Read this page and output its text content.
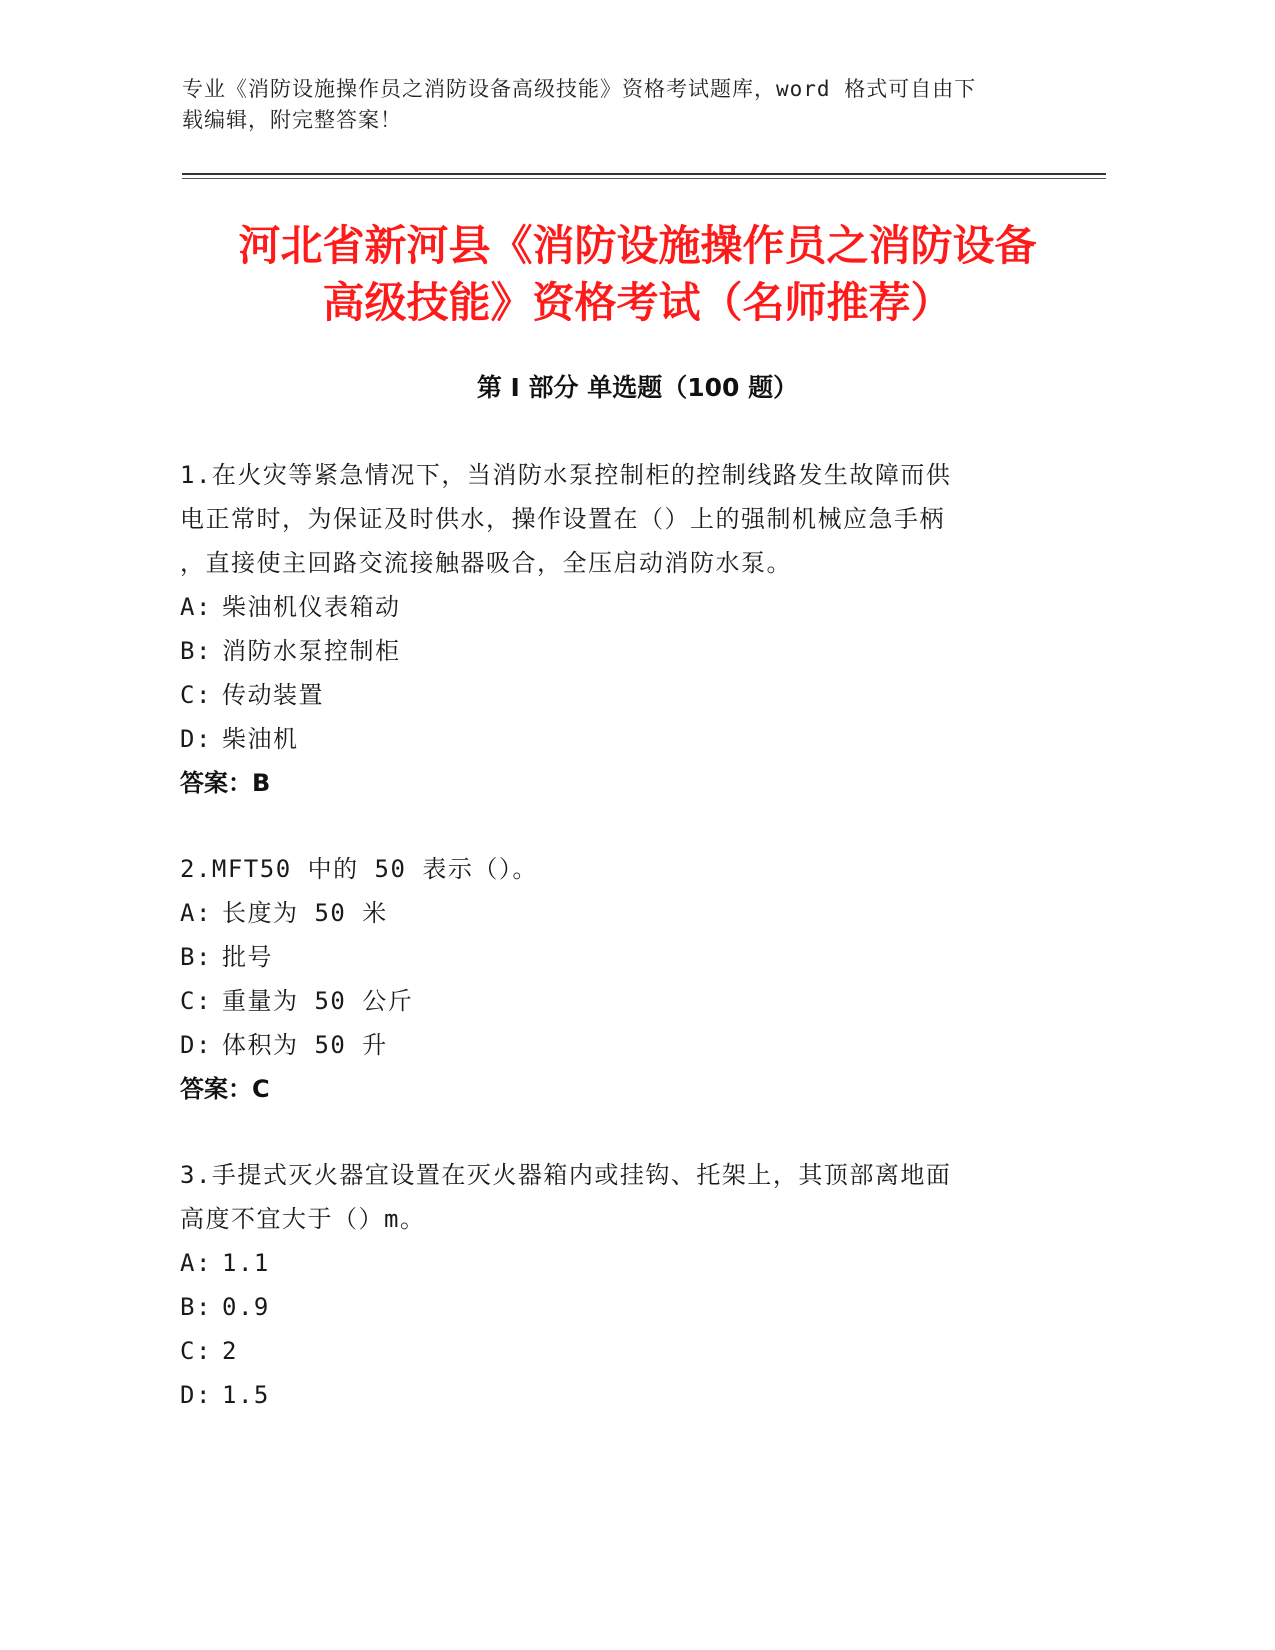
专业《消防设施操作员之消防设备高级技能》资格考试题库，word 格式可自由下
载编辑，附完整答案！
河北省新河县《消防设施操作员之消防设备
高级技能》资格考试（名师推荐）
第 I 部分 单选题（100 题）

1.在火灾等紧急情况下，当消防水泵控制柜的控制线路发生故障而供

电正常时，为保证及时供水，操作设置在（）上的强制机械应急手柄

，直接使主回路交流接触器吸合，全压启动消防水泵。

A: 柴油机仪表箱动

B: 消防水泵控制柜

C: 传动装置

D: 柴油机

答案：B

2.MFT50 中的 50 表示（）。

A: 长度为 50 米

B: 批号

C: 重量为 50 公斤

D: 体积为 50 升

答案：C

3.手提式灭火器宜设置在灭火器箱内或挂钩、托架上，其顶部离地面

高度不宜大于（）m。

A: 1.1

B: 0.9

C: 2

D: 1.5
